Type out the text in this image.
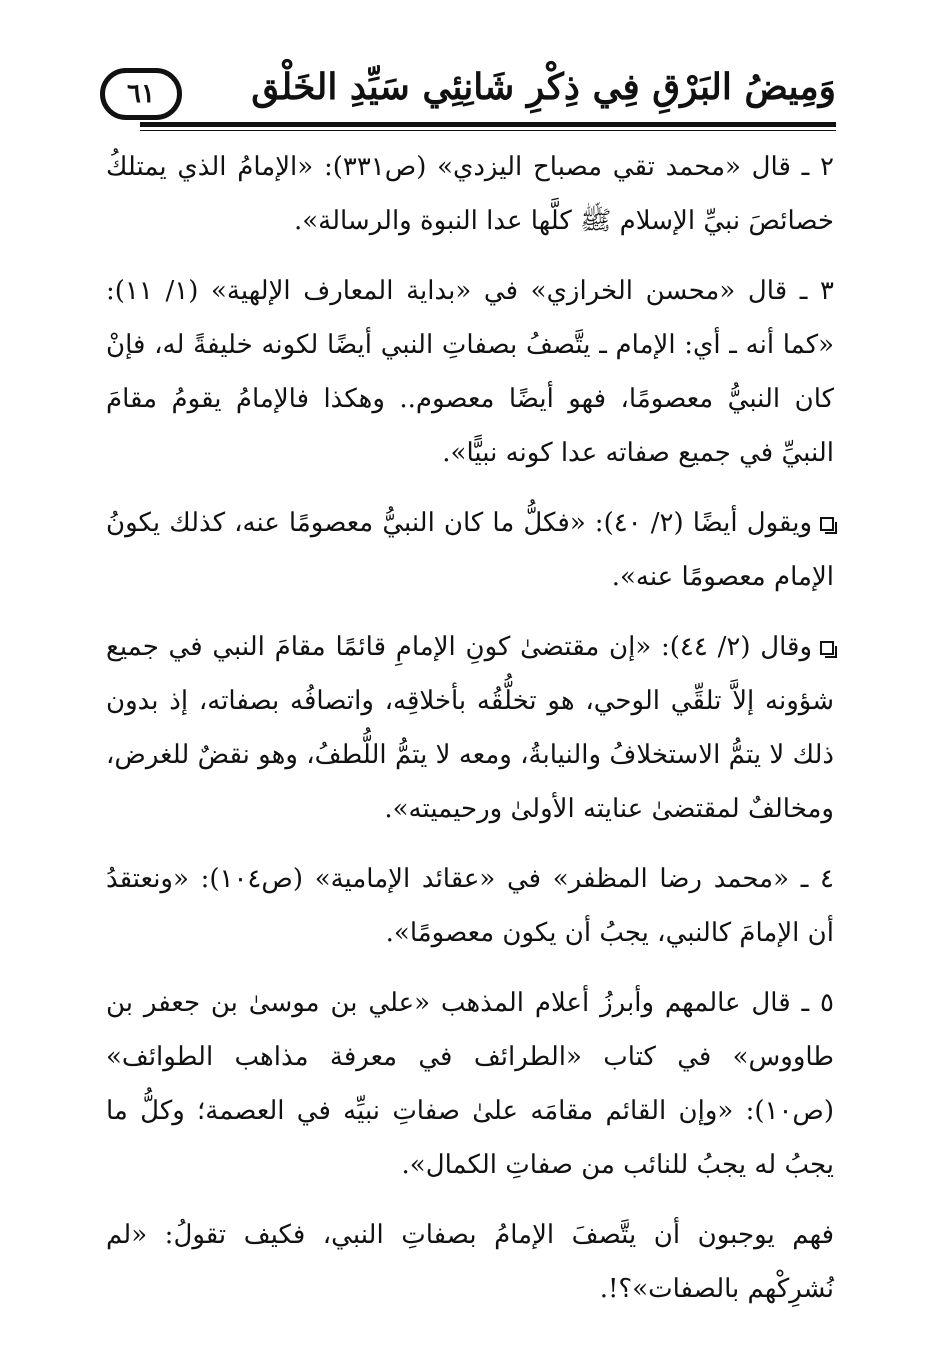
وَمِيضُ البَرْقِ فِي ذِكْرِ شَانِئِي سَيِّدِ الخَلْق
٦١

٢ ـ قال «محمد تقي مصباح اليزدي» (ص٣٣١): «الإمامُ الذي يمتلكُ خصائصَ نبيِّ الإسلام ﷺ كلَّها عدا النبوة والرسالة».

٣ ـ قال «محسن الخرازي» في «بداية المعارف الإلهية» (١/ ١١): «كما أنه ـ أي: الإمام ـ يتَّصفُ بصفاتِ النبي أيضًا لكونه خليفةً له، فإنْ كان النبيُّ معصومًا، فهو أيضًا معصوم.. وهكذا فالإمامُ يقومُ مقامَ النبيِّ في جميع صفاته عدا كونه نبيًّا».

ويقول أيضًا (٢/ ٤٠): «فكلُّ ما كان النبيُّ معصومًا عنه، كذلك يكونُ الإمام معصومًا عنه».

وقال (٢/ ٤٤): «إن مقتضىٰ كونِ الإمامِ قائمًا مقامَ النبي في جميع شؤونه إلاَّ تلقِّي الوحي، هو تخلُّقُه بأخلاقِه، واتصافُه بصفاته، إذ بدون ذلك لا يتمُّ الاستخلافُ والنيابةُ، ومعه لا يتمُّ اللُّطفُ، وهو نقضٌ للغرض، ومخالفٌ لمقتضىٰ عنايته الأولىٰ ورحيميته».

٤ ـ «محمد رضا المظفر» في «عقائد الإمامية» (ص١٠٤): «ونعتقدُ أن الإمامَ كالنبي، يجبُ أن يكون معصومًا».

٥ ـ قال عالمهم وأبرزُ أعلام المذهب «علي بن موسىٰ بن جعفر بن طاووس» في كتاب «الطرائف في معرفة مذاهب الطوائف» (ص١٠): «وإن القائم مقامَه علىٰ صفاتِ نبيِّه في العصمة؛ وكلُّ ما يجبُ له يجبُ للنائب من صفاتِ الكمال».

فهم يوجبون أن يتَّصفَ الإمامُ بصفاتِ النبي، فكيف تقولُ: «لم نُشرِكْهم بالصفات»؟!.
